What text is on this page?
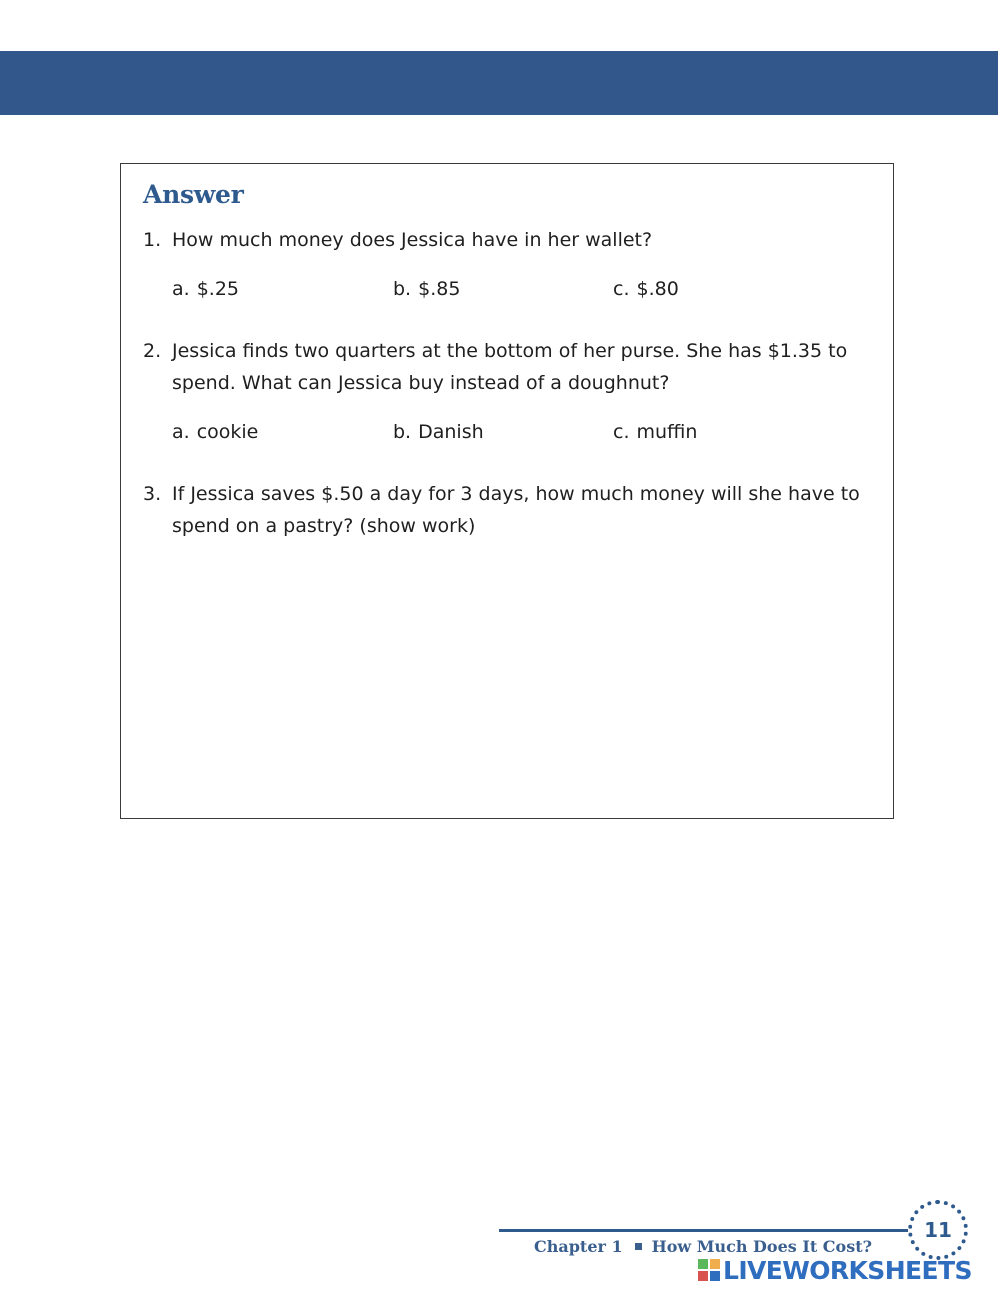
Answer
1. How much money does Jessica have in her wallet?
a. $.25	b. $.85	c. $.80
2. Jessica finds two quarters at the bottom of her purse. She has $1.35 to spend. What can Jessica buy instead of a doughnut?
a. cookie	b. Danish	c. muffin
3. If Jessica saves $.50 a day for 3 days, how much money will she have to spend on a pastry? (show work)
Chapter 1 How Much Does It Cost?
11
LIVEWORKSHEETS
